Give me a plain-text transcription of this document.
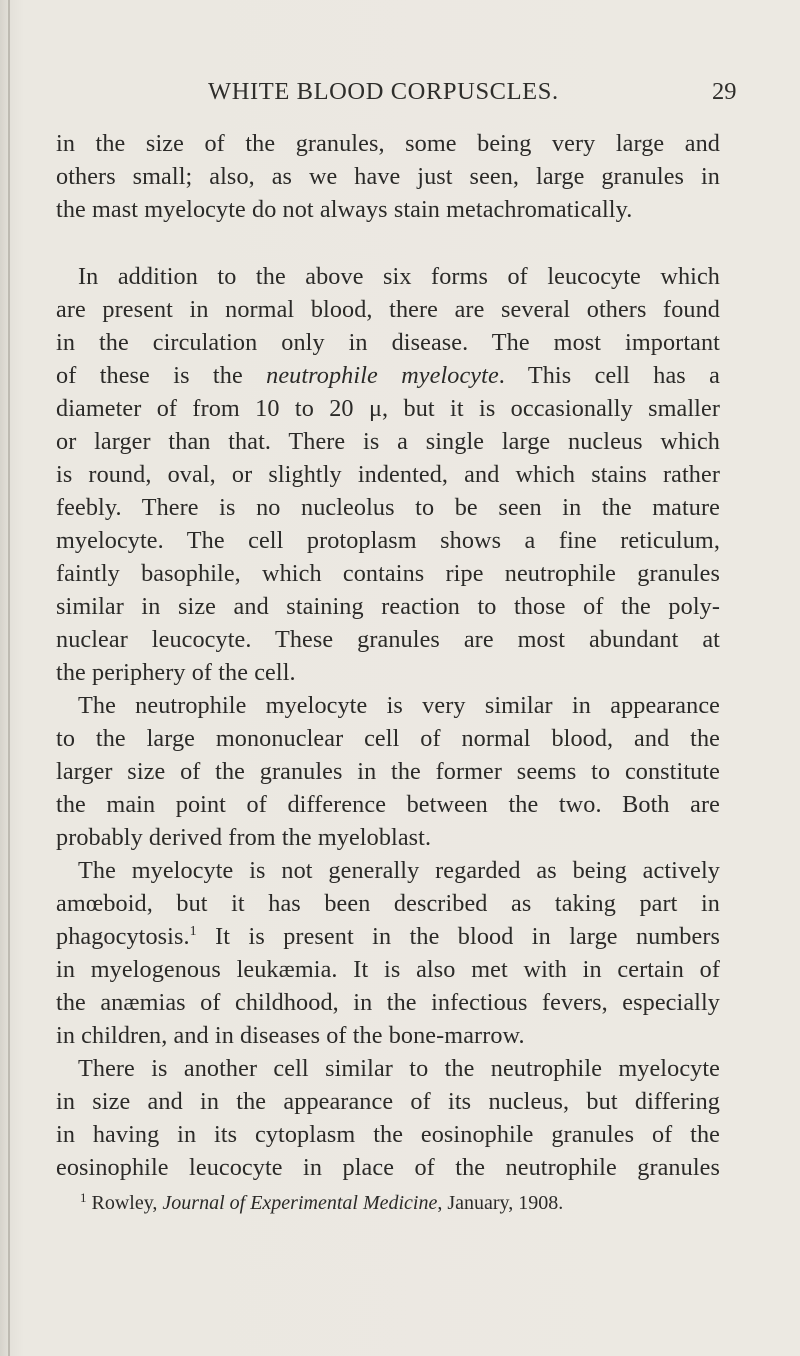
WHITE BLOOD CORPUSCLES.	29
in the size of the granules, some being very large and
others small; also, as we have just seen, large granules in
the mast myelocyte do not always stain metachromatically.
In addition to the above six forms of leucocyte which
are present in normal blood, there are several others found
in the circulation only in disease. The most important
of these is the neutrophile myelocyte. This cell has a
diameter of from 10 to 20 μ, but it is occasionally smaller
or larger than that. There is a single large nucleus which
is round, oval, or slightly indented, and which stains rather
feebly. There is no nucleolus to be seen in the mature
myelocyte. The cell protoplasm shows a fine reticulum,
faintly basophile, which contains ripe neutrophile granules
similar in size and staining reaction to those of the poly-
nuclear leucocyte. These granules are most abundant at
the periphery of the cell.
The neutrophile myelocyte is very similar in appearance
to the large mononuclear cell of normal blood, and the
larger size of the granules in the former seems to constitute
the main point of difference between the two. Both are
probably derived from the myeloblast.
The myelocyte is not generally regarded as being actively
amœboid, but it has been described as taking part in
phagocytosis.$^1$ It is present in the blood in large numbers
in myelogenous leukæmia. It is also met with in certain of
the anæmias of childhood, in the infectious fevers, especially
in children, and in diseases of the bone-marrow.
There is another cell similar to the neutrophile myelocyte
in size and in the appearance of its nucleus, but differing
in having in its cytoplasm the eosinophile granules of the
eosinophile leucocyte in place of the neutrophile granules
$^1$ Rowley, Journal of Experimental Medicine, January, 1908.
